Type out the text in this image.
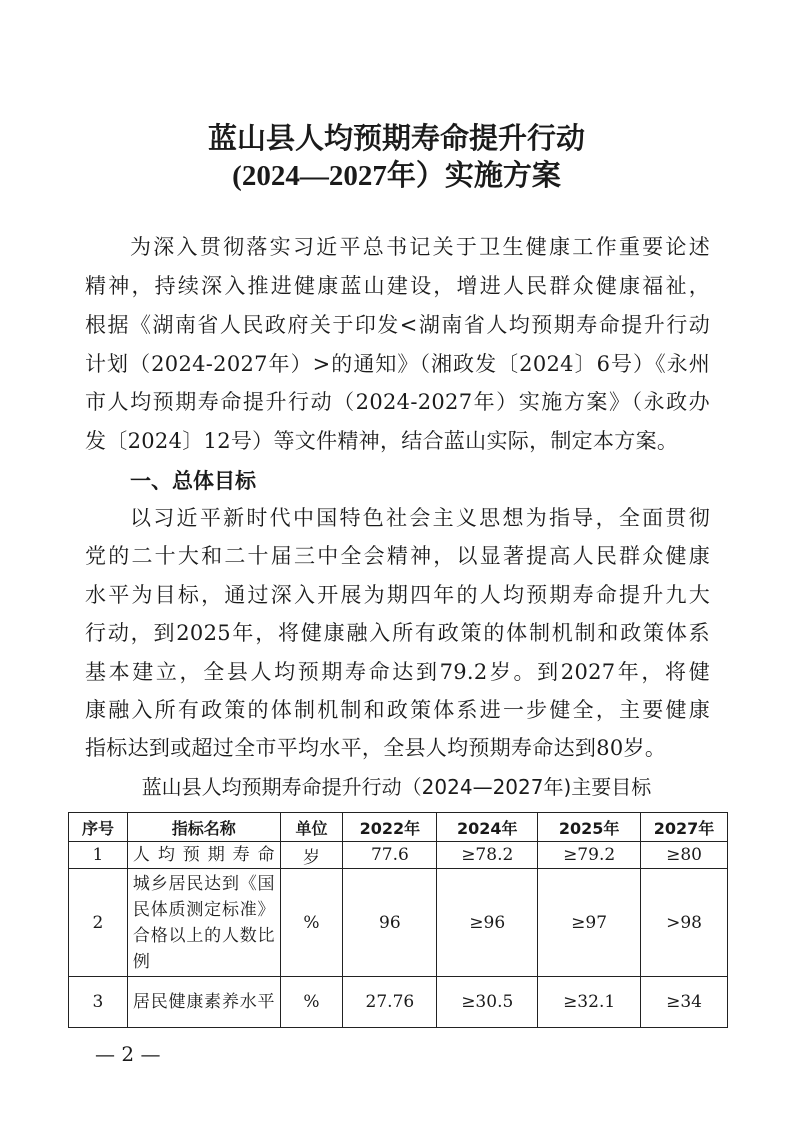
蓝山县人均预期寿命提升行动
(2024—2027年）实施方案
为深入贯彻落实习近平总书记关于卫生健康工作重要论述
精神，持续深入推进健康蓝山建设，增进人民群众健康福祉，
根据《湖南省人民政府关于印发<湖南省人均预期寿命提升行动
计划（2024-2027年）>的通知》（湘政发〔2024〕6号）《永州
市人均预期寿命提升行动（2024-2027年）实施方案》（永政办
发〔2024〕12号）等文件精神，结合蓝山实际，制定本方案。
一、总体目标
以习近平新时代中国特色社会主义思想为指导，全面贯彻
党的二十大和二十届三中全会精神，以显著提高人民群众健康
水平为目标，通过深入开展为期四年的人均预期寿命提升九大
行动，到2025年，将健康融入所有政策的体制机制和政策体系
基本建立，全县人均预期寿命达到79.2岁。到2027年，将健
康融入所有政策的体制机制和政策体系进一步健全，主要健康
指标达到或超过全市平均水平，全县人均预期寿命达到80岁。
蓝山县人均预期寿命提升行动（2024—2027年)主要目标
序号	指标名称	单位	2022年	2024年	2025年	2027年
1	人均预期寿命	岁	77.6	≥78.2	≥79.2	≥80
2	城乡居民达到《国民体质测定标准》合格以上的人数比例	%	96	≥96	≥97	>98
3	居民健康素养水平	%	27.76	≥30.5	≥32.1	≥34
— 2 —
